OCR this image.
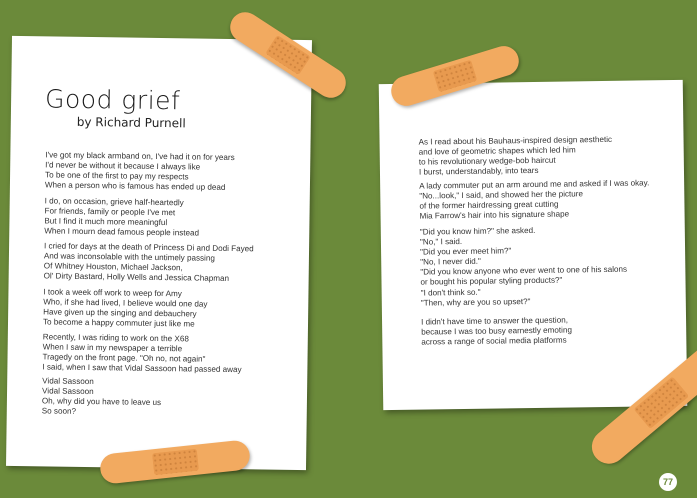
Good grief
by Richard Purnell
I've got my black armband on, I've had it on for years
I'd never be without it because I always like
To be one of the first to pay my respects
When a person who is famous has ended up dead
I do, on occasion, grieve half-heartedly
For friends, family or people I've met
But I find it much more meaningful
When I mourn dead famous people instead
I cried for days at the death of Princess Di and Dodi Fayed
And was inconsolable with the untimely passing
Of Whitney Houston, Michael Jackson,
Ol' Dirty Bastard, Holly Wells and Jessica Chapman
I took a week off work to weep for Amy
Who, if she had lived, I believe would one day
Have given up the singing and debauchery
To become a happy commuter just like me
Recently, I was riding to work on the X68
When I saw in my newspaper a terrible
Tragedy on the front page. "Oh no, not again"
I said, when I saw that Vidal Sassoon had passed away
Vidal Sassoon
Vidal Sassoon
Oh, why did you have to leave us
So soon?
As I read about his Bauhaus-inspired design aesthetic
and love of geometric shapes which led him
to his revolutionary wedge-bob haircut
I burst, understandably, into tears
A lady commuter put an arm around me and asked if I was okay.
"No...look," I said, and showed her the picture
of the former hairdressing great cutting
Mia Farrow's hair into his signature shape
"Did you know him?" she asked.
"No," I said.
"Did you ever meet him?"
"No, I never did."
"Did you know anyone who ever went to one of his salons
or bought his popular styling products?"
"I don't think so."
"Then, why are you so upset?"
I didn't have time to answer the question,
because I was too busy earnestly emoting
across a range of social media platforms
77
